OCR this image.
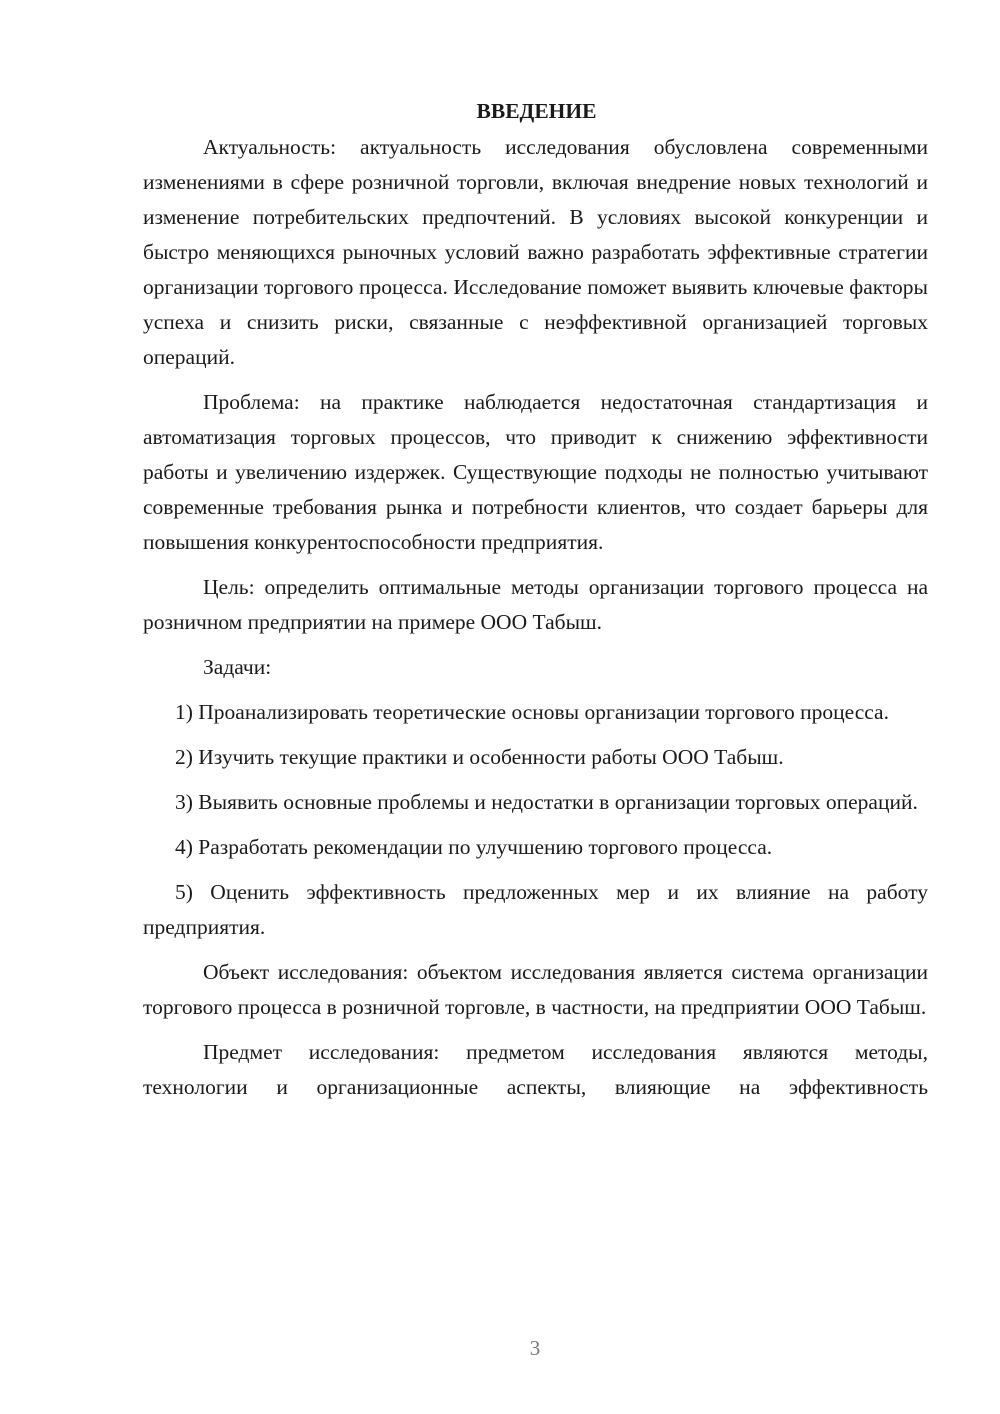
ВВЕДЕНИЕ

Актуальность: актуальность исследования обусловлена современными изменениями в сфере розничной торговли, включая внедрение новых технологий и изменение потребительских предпочтений. В условиях высокой конкуренции и быстро меняющихся рыночных условий важно разработать эффективные стратегии организации торгового процесса. Исследование поможет выявить ключевые факторы успеха и снизить риски, связанные с неэффективной организацией торговых операций.

Проблема: на практике наблюдается недостаточная стандартизация и автоматизация торговых процессов, что приводит к снижению эффективности работы и увеличению издержек. Существующие подходы не полностью учитывают современные требования рынка и потребности клиентов, что создает барьеры для повышения конкурентоспособности предприятия.

Цель: определить оптимальные методы организации торгового процесса на розничном предприятии на примере ООО Табыш.

Задачи:

1) Проанализировать теоретические основы организации торгового процесса.

2) Изучить текущие практики и особенности работы ООО Табыш.

3) Выявить основные проблемы и недостатки в организации торговых операций.

4) Разработать рекомендации по улучшению торгового процесса.

5) Оценить эффективность предложенных мер и их влияние на работу предприятия.

Объект исследования: объектом исследования является система организации торгового процесса в розничной торговле, в частности, на предприятии ООО Табыш.

Предмет исследования: предметом исследования являются методы, технологии и организационные аспекты, влияющие на эффективность

3
